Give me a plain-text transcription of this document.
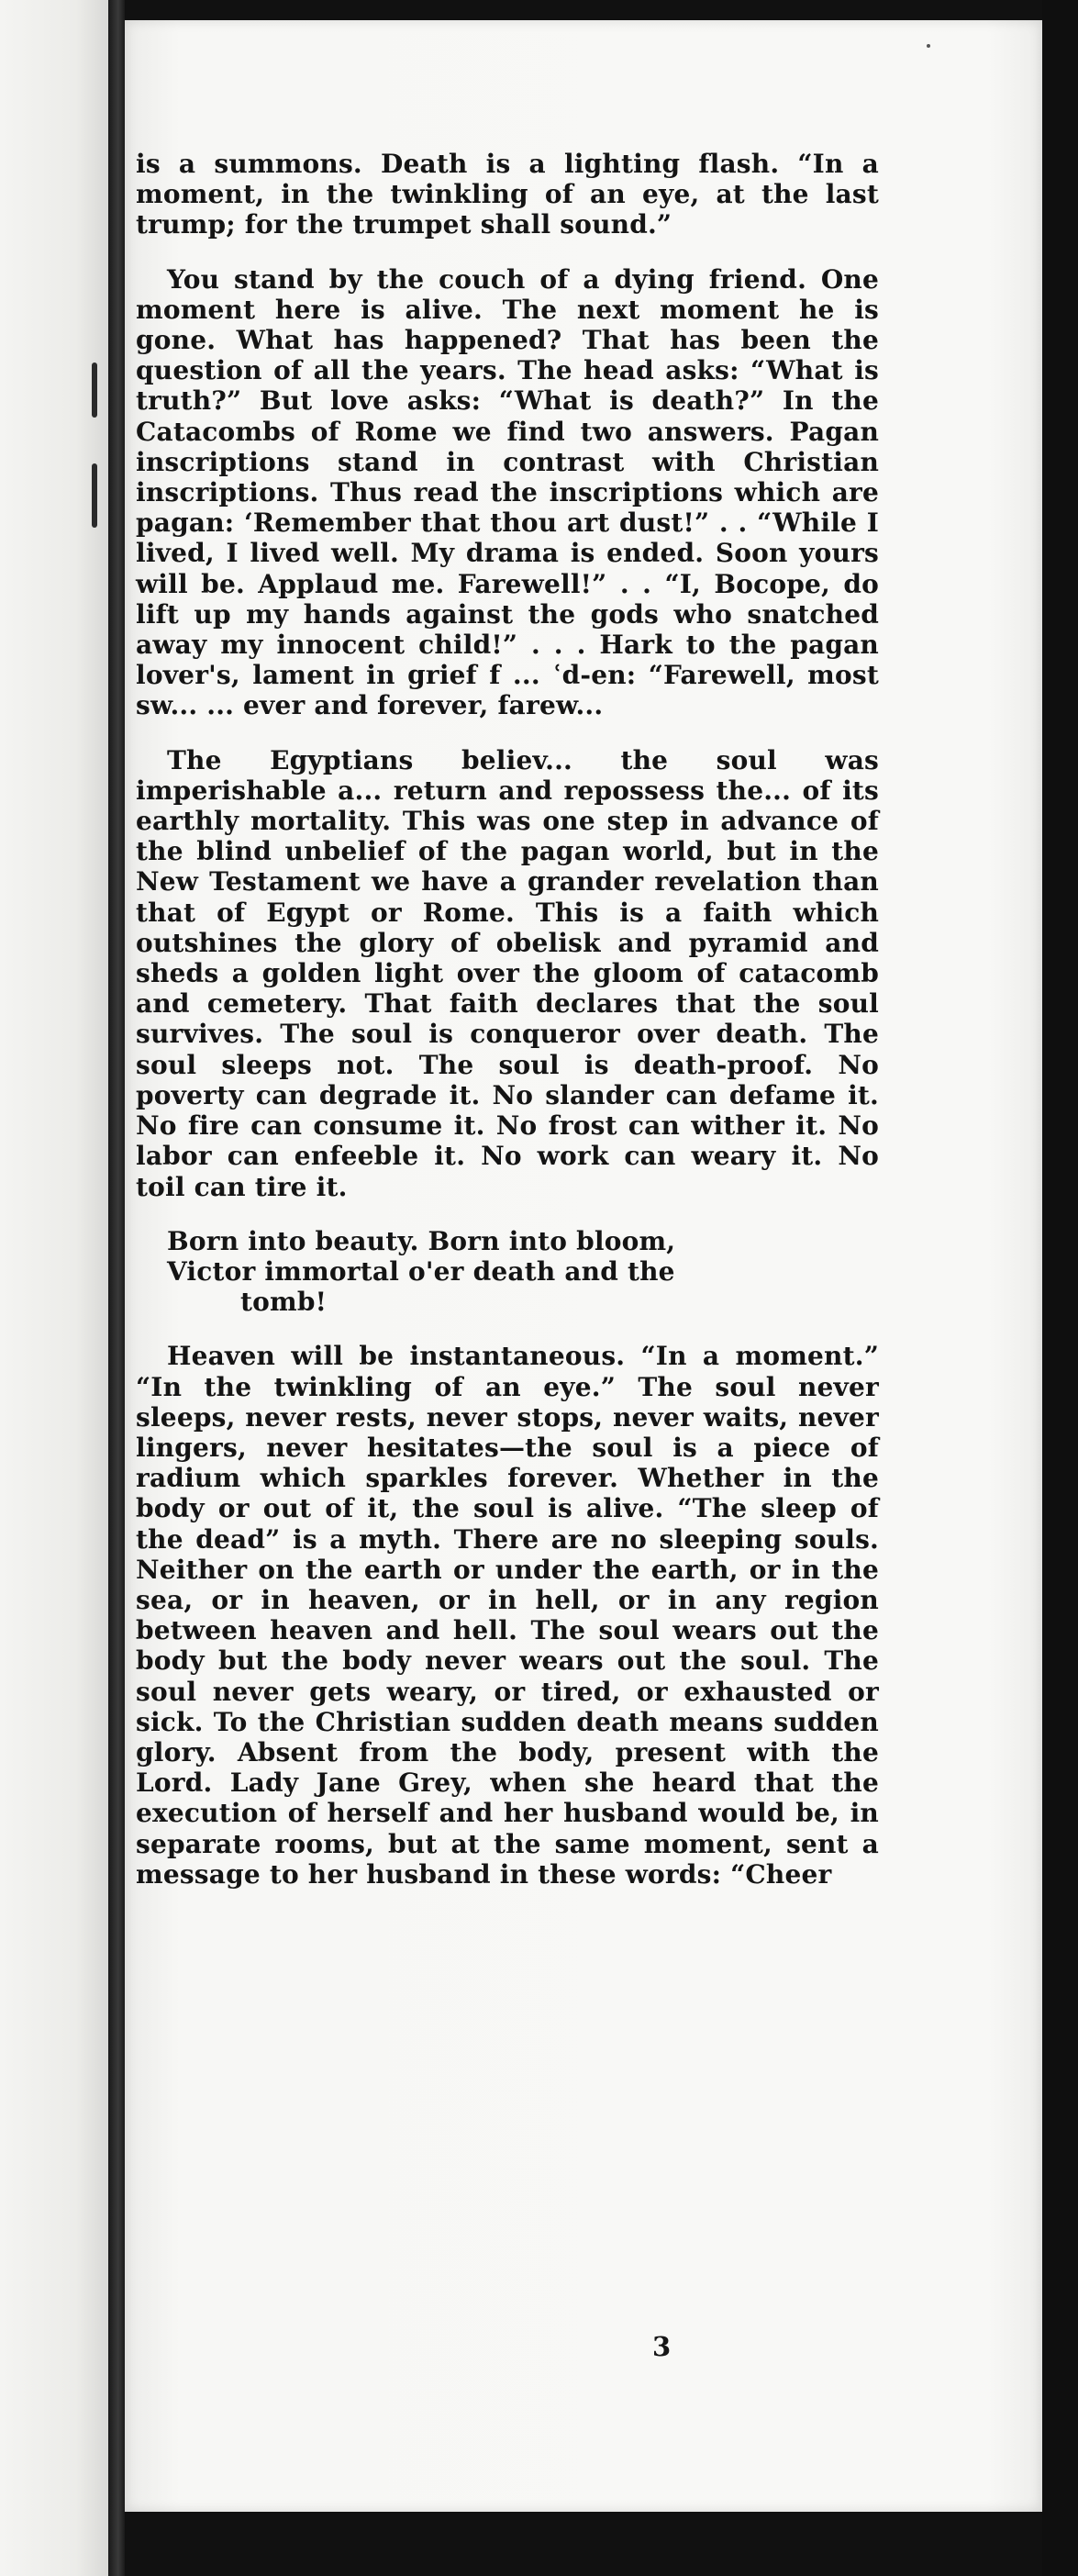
is a summons. Death is a lighting flash. “In a moment, in the twinkling of an eye, at the last trump; for the trumpet shall sound.”

You stand by the couch of a dying friend. One moment here is alive. The next moment he is gone. What has happened? That has been the question of all the years. The head asks: “What is truth?” But love asks: “What is death?” In the Catacombs of Rome we find two answers. Pagan inscriptions stand in contrast with Christian inscriptions. Thus read the inscriptions which are pagan: ‘Remember that thou art dust!” . . “While I lived, I lived well. My drama is ended. Soon yours will be. Applaud me. Farewell!” . . “I, Bocope, do lift up my hands against the gods who snatched away my innocent child!” . . . Hark to the pagan lover's, lament in grief f ... ʿd-en: “Farewell, most sw... ... ever and forever, farew...

The Egyptians believ... the soul was imperishable a... return and repossess the... of its earthly mortality. This was one step in advance of the blind unbelief of the pagan world, but in the New Testament we have a grander revelation than that of Egypt or Rome. This is a faith which outshines the glory of obelisk and pyramid and sheds a golden light over the gloom of catacomb and cemetery. That faith declares that the soul survives. The soul is conqueror over death. The soul sleeps not. The soul is death-proof. No poverty can degrade it. No slander can defame it. No fire can consume it. No frost can wither it. No labor can enfeeble it. No work can weary it. No toil can tire it.

Born into beauty. Born into bloom,

Victor immortal o'er death and the
tomb!

Heaven will be instantaneous. “In a moment.” “In the twinkling of an eye.” The soul never sleeps, never rests, never stops, never waits, never lingers, never hesitates—the soul is a piece of radium which sparkles forever. Whether in the body or out of it, the soul is alive. “The sleep of the dead” is a myth. There are no sleeping souls. Neither on the earth or under the earth, or in the sea, or in heaven, or in hell, or in any region between heaven and hell. The soul wears out the body but the body never wears out the soul. The soul never gets weary, or tired, or exhausted or sick. To the Christian sudden death means sudden glory. Absent from the body, present with the Lord. Lady Jane Grey, when she heard that the execution of herself and her husband would be, in separate rooms, but at the same moment, sent a message to her husband in these words: “Cheer

3
